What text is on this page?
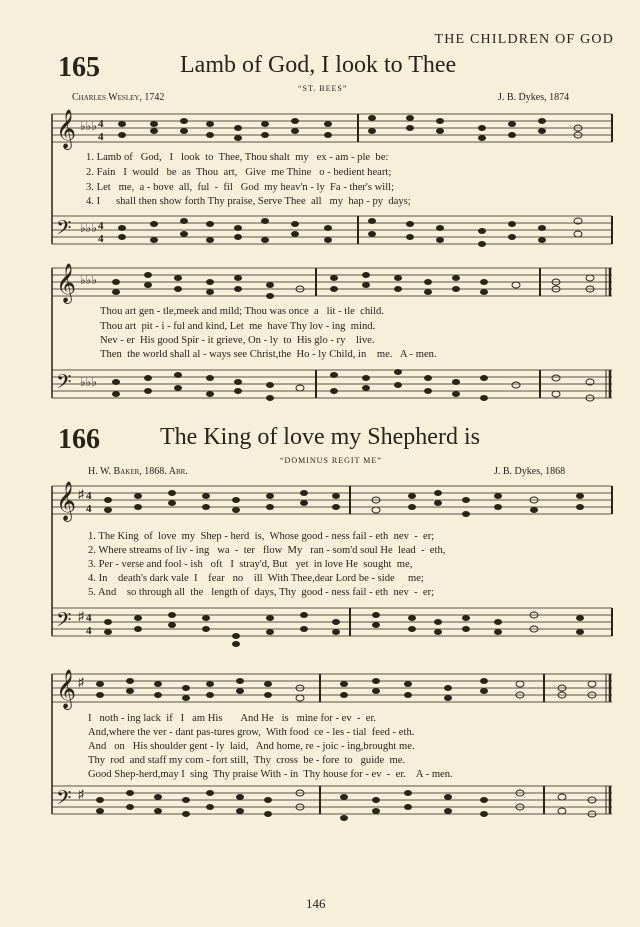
THE CHILDREN OF GOD
165	Lamb of God, I look to Thee
“ST. BEES”
Charles Wesley, 1742	J. B. Dykes, 1874
𝄞
𝄢
♭♭♭
♭♭♭
4
4
4
4
1. Lamb of   God,   I   look  to  Thee, Thou shalt  my   ex - am - ple  be:
2. Fain   I  would   be  as  Thou  art,   Give  me Thine   o - bedient heart;
3. Let   me,  a - bove  all,  ful  -  fil   God  my heav'n - ly  Fa - ther's will;
4. I      shall then show forth Thy praise, Serve Thee  all   my  hap - py  days;
𝄞
𝄢
♭♭♭
♭♭♭
Thou art gen - tle,meek and mild; Thou was once  a   lit - tle  child.
Thou art  pit - i - ful and kind, Let  me  have Thy lov - ing  mind.
Nev - er  His good Spir - it grieve, On - ly  to  His glo - ry    live.
Then  the world shall al - ways see Christ,the  Ho - ly Child, in    me.   A - men.
166	The King of love my Shepherd is
“DOMINUS REGIT ME”
H. W. Baker, 1868. Abr.	J. B. Dykes, 1868
𝄞
𝄢
♯
♯
4
4
4
4
1. The King  of  love  my  Shep - herd  is,  Whose good - ness fail - eth  nev  -  er;
2. Where streams of liv - ing   wa  -  ter   flow  My   ran - som'd soul He  lead  -  eth,
3. Per - verse and fool - ish   oft   I  stray'd, But   yet  in love He  sought  me,
4. In    death's dark vale  I    fear   no    ill  With Thee,dear Lord be - side     me;
5. And    so through all  the   length of  days, Thy  good - ness fail - eth  nev  -  er;
𝄞
𝄢
♯
♯
I   noth - ing lack  if   I   am His       And He   is   mine for - ev  -  er.
And,where the ver - dant pas-tures grow,  With food  ce - les - tial  feed - eth.
And   on   His shoulder gent - ly  laid,   And home, re - joic - ing,brought me.
Thy  rod  and staff my com - fort still,  Thy  cross  be - fore  to   guide  me.
Good Shep-herd,may I  sing  Thy praise With - in  Thy house for - ev  -  er.    A - men.
146
